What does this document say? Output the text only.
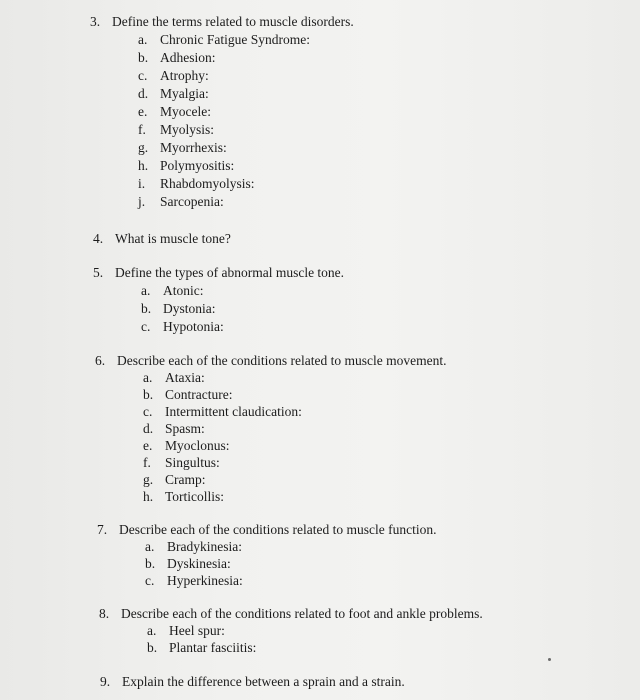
3. Define the terms related to muscle disorders.
a. Chronic Fatigue Syndrome:
b. Adhesion:
c. Atrophy:
d. Myalgia:
e. Myocele:
f. Myolysis:
g. Myorrhexis:
h. Polymyositis:
i. Rhabdomyolysis:
j. Sarcopenia:
4. What is muscle tone?
5. Define the types of abnormal muscle tone.
a. Atonic:
b. Dystonia:
c. Hypotonia:
6. Describe each of the conditions related to muscle movement.
a. Ataxia:
b. Contracture:
c. Intermittent claudication:
d. Spasm:
e. Myoclonus:
f. Singultus:
g. Cramp:
h. Torticollis:
7. Describe each of the conditions related to muscle function.
a. Bradykinesia:
b. Dyskinesia:
c. Hyperkinesia:
8. Describe each of the conditions related to foot and ankle problems.
a. Heel spur:
b. Plantar fasciitis:
9. Explain the difference between a sprain and a strain.
